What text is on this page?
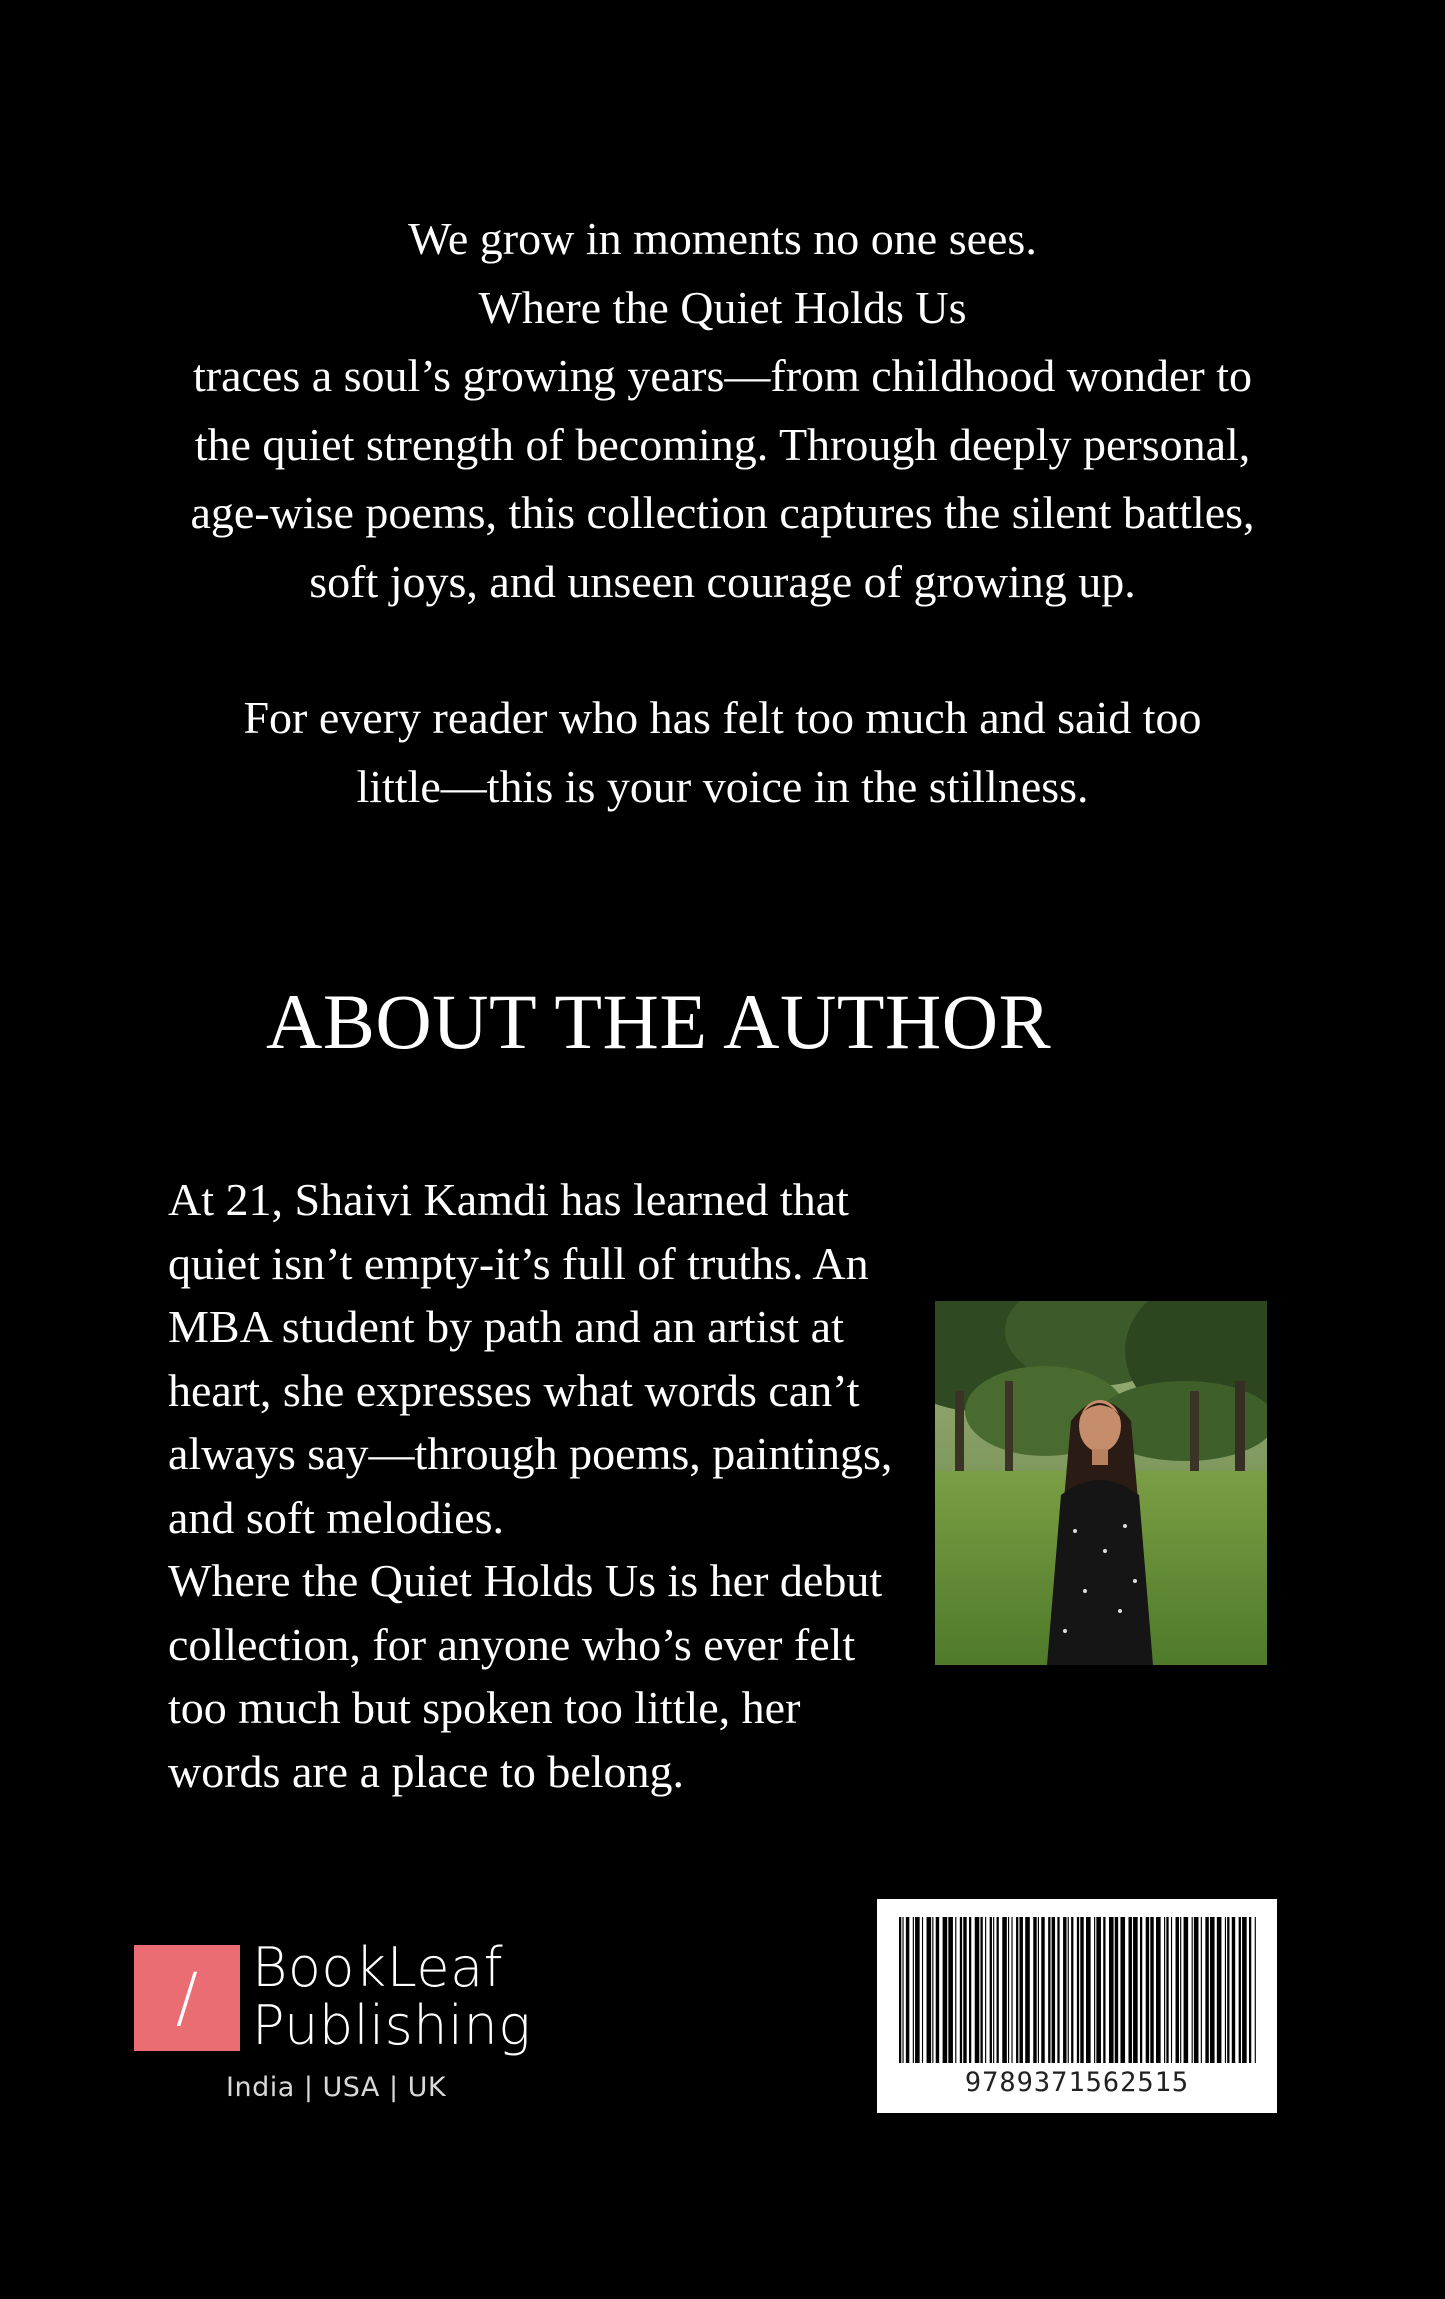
We grow in moments no one sees.
Where the Quiet Holds Us
traces a soul’s growing years—from childhood wonder to
the quiet strength of becoming. Through deeply personal,
age-wise poems, this collection captures the silent battles,
soft joys, and unseen courage of growing up.

For every reader who has felt too much and said too
little—this is your voice in the stillness.

ABOUT THE AUTHOR
At 21, Shaivi Kamdi has learned that
quiet isn’t empty-it’s full of truths. An
MBA student by path and an artist at
heart, she expresses what words can’t
always say—through poems, paintings,
and soft melodies.
Where the Quiet Holds Us is her debut
collection, for anyone who’s ever felt
too much but spoken too little, her
words are a place to belong.
/ BookLeaf
Publishing
India | USA | UK	9789371562515
